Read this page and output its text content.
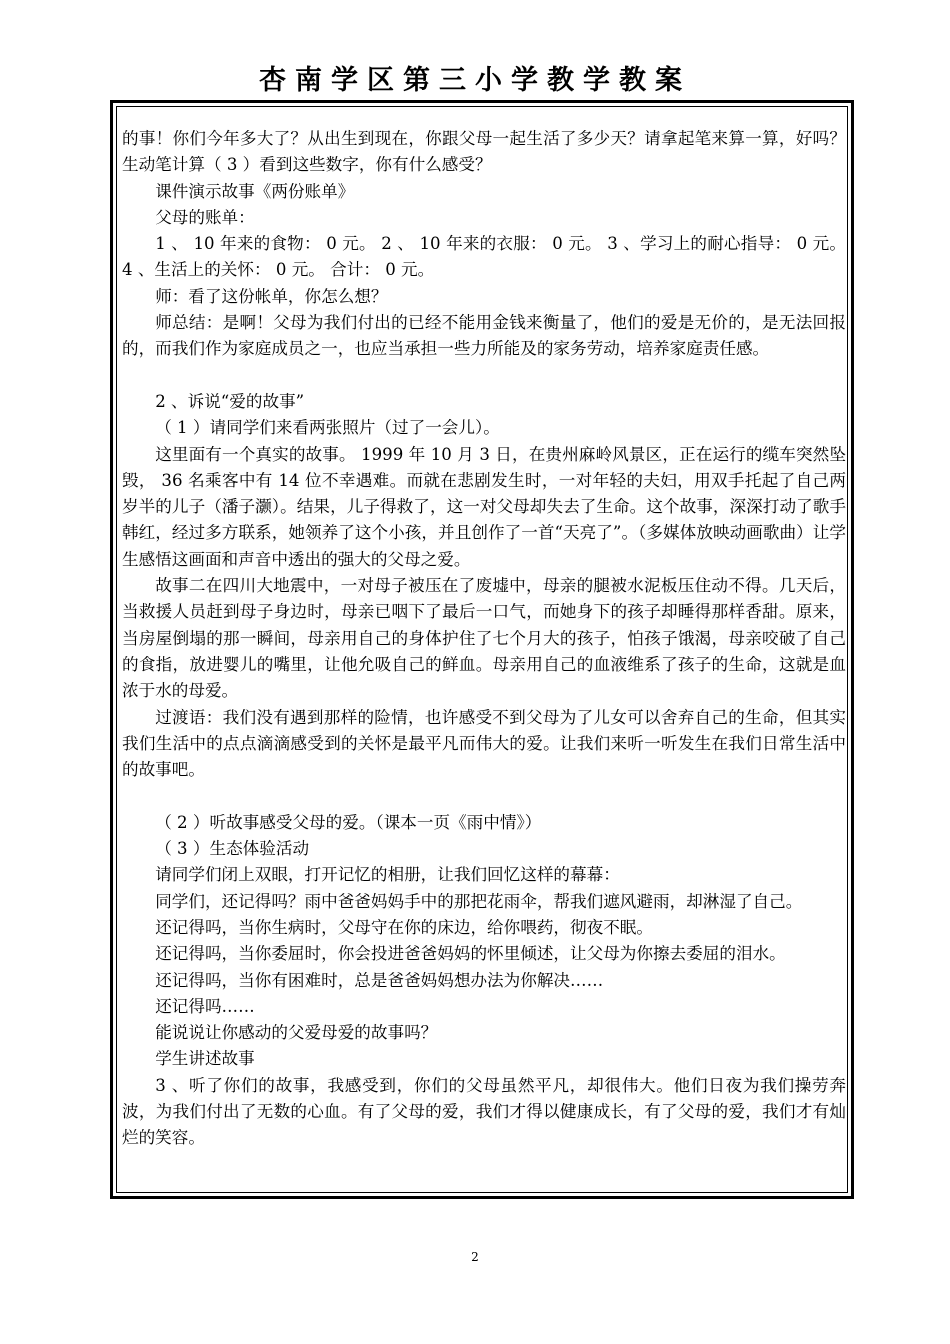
杏南学区第三小学教学教案

的事！你们今年多大了？从出生到现在，你跟父母一起生活了多少天？请拿起笔来算一算，好吗？生动笔计算（ 3 ）看到这些数字，你有什么感受？

课件演示故事《两份账单》

父母的账单：

1 、 10 年来的食物： 0 元。 2 、 10 年来的衣服： 0 元。 3 、学习上的耐心指导： 0 元。 4 、生活上的关怀： 0 元。 合计： 0 元。

师：看了这份帐单，你怎么想？

师总结：是啊！父母为我们付出的已经不能用金钱来衡量了，他们的爱是无价的，是无法回报的，而我们作为家庭成员之一，也应当承担一些力所能及的家务劳动，培养家庭责任感。

2 、诉说“爱的故事”

（ 1 ）请同学们来看两张照片（过了一会儿）。

这里面有一个真实的故事。 1999 年 10 月 3 日，在贵州麻岭风景区，正在运行的缆车突然坠毁， 36 名乘客中有 14 位不幸遇难。而就在悲剧发生时，一对年轻的夫妇，用双手托起了自己两岁半的儿子（潘子灏）。结果，儿子得救了，这一对父母却失去了生命。这个故事，深深打动了歌手韩红，经过多方联系，她领养了这个小孩，并且创作了一首“天亮了”。（多媒体放映动画歌曲）让学生感悟这画面和声音中透出的强大的父母之爱。

故事二在四川大地震中，一对母子被压在了废墟中，母亲的腿被水泥板压住动不得。几天后，当救援人员赶到母子身边时，母亲已咽下了最后一口气，而她身下的孩子却睡得那样香甜。原来，当房屋倒塌的那一瞬间，母亲用自己的身体护住了七个月大的孩子，怕孩子饿渴，母亲咬破了自己的食指，放进婴儿的嘴里，让他允吸自己的鲜血。母亲用自己的血液维系了孩子的生命，这就是血浓于水的母爱。

过渡语：我们没有遇到那样的险情，也许感受不到父母为了儿女可以舍弃自己的生命，但其实我们生活中的点点滴滴感受到的关怀是最平凡而伟大的爱。让我们来听一听发生在我们日常生活中的故事吧。

（ 2 ）听故事感受父母的爱。（课本一页《雨中情》）

（ 3 ）生态体验活动

请同学们闭上双眼，打开记忆的相册，让我们回忆这样的幕幕：

同学们，还记得吗？雨中爸爸妈妈手中的那把花雨伞，帮我们遮风避雨，却淋湿了自己。

还记得吗，当你生病时，父母守在你的床边，给你喂药，彻夜不眠。

还记得吗，当你委屈时，你会投进爸爸妈妈的怀里倾述，让父母为你擦去委屈的泪水。

还记得吗，当你有困难时，总是爸爸妈妈想办法为你解决……

还记得吗……

能说说让你感动的父爱母爱的故事吗？

学生讲述故事

3 、听了你们的故事，我感受到，你们的父母虽然平凡，却很伟大。他们日夜为我们操劳奔波，为我们付出了无数的心血。有了父母的爱，我们才得以健康成长，有了父母的爱，我们才有灿烂的笑容。

2
